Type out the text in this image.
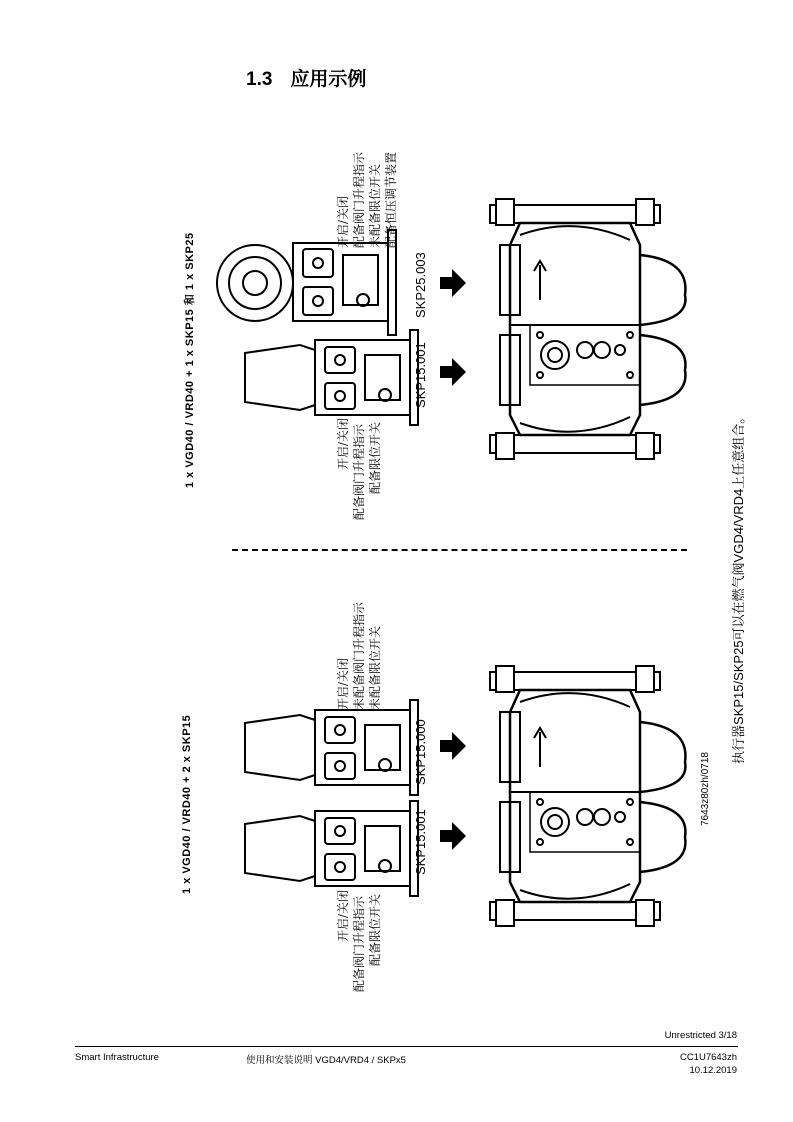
1.3 应用示例
1 x VGD40 / VRD40 + 1 x SKP15 和 1 x SKP25
开启/关闭 配备阀门升程指示 未配备限位开关 配备恒压调节装置
SKP25.003
开启/关闭 配备阀门升程指示 配备限位开关
SKP15.001
1 x VGD40 / VRD40 + 2 x SKP15
开启/关闭 未配备阀门升程指示 未配备限位开关
SKP15.000
开启/关闭 配备阀门升程指示 配备限位开关
SKP15.001
7643z80zh/0718
执行器SKP15/SKP25可以在燃气阀VGD4/VRD4上任意组合。
Unrestricted 3/18
Smart Infrastructure	使用和安装说明 VGD4/VRD4 / SKPx5	CC1U7643zh
10.12.2019
